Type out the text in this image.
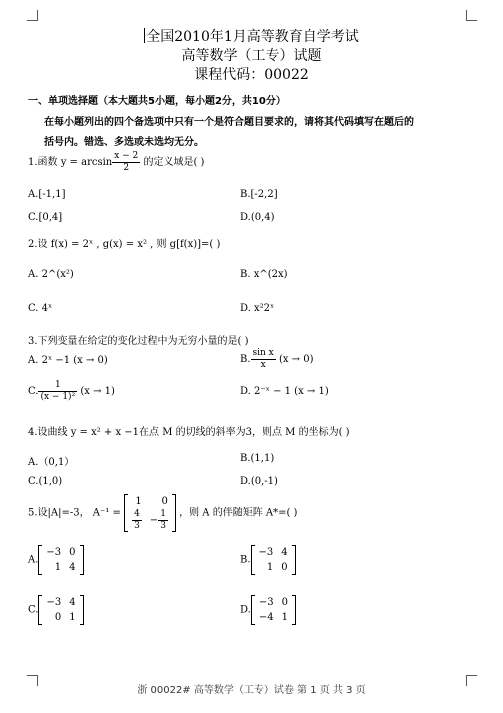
全国2010年1月高等教育自学考试
高等数学（工专）试题
课程代码：00022
一、单项选择题（本大题共5小题，每小题2分，共10分）
在每小题列出的四个备选项中只有一个是符合题目要求的，请将其代码填写在题后的
括号内。错选、多选或未选均无分。
1.函数 $y = \arcsin \frac{x - 2}{2}$ 的定义域是( )
A.[-1,1]	B.[-2,2]
C.[0,4]	D.(0,4)
2.设 f(x) = 2ˣ , g(x) = x² , 则 g[f(x)]=( )
A. 2^(x²)	B. x^(2x)
C. 4ˣ	D. x²2ˣ
3.下列变量在给定的变化过程中为无穷小量的是( )
A. 2ˣ −1 (x → 0)	B. $\frac{\text{sin x}}{x} (x \to 0)$
C. $\frac{1}{\text{(x − 1)²}} (x \to 1)$	D. 2⁻ˣ − 1 (x → 1)
4.设曲线 y = x² + x −1在点 M 的切线的斜率为3，则点 M 的坐标为( )
A.（0,1）	B.(1,1)
C.(1,0)	D.(0,-1)
5.设|A|=-3， A⁻¹ =
1	0

$\frac{4}{3}$	− $\frac{1}{3}$ ，则 A 的伴随矩阵 A*=( )
A.
−3	0
1	4
B.
−3	4
1	0
C.
−3	4
0	1
D.
−3	0
−4	1
浙 00022# 高等数学（工专）试卷 第 1 页 共 3 页
